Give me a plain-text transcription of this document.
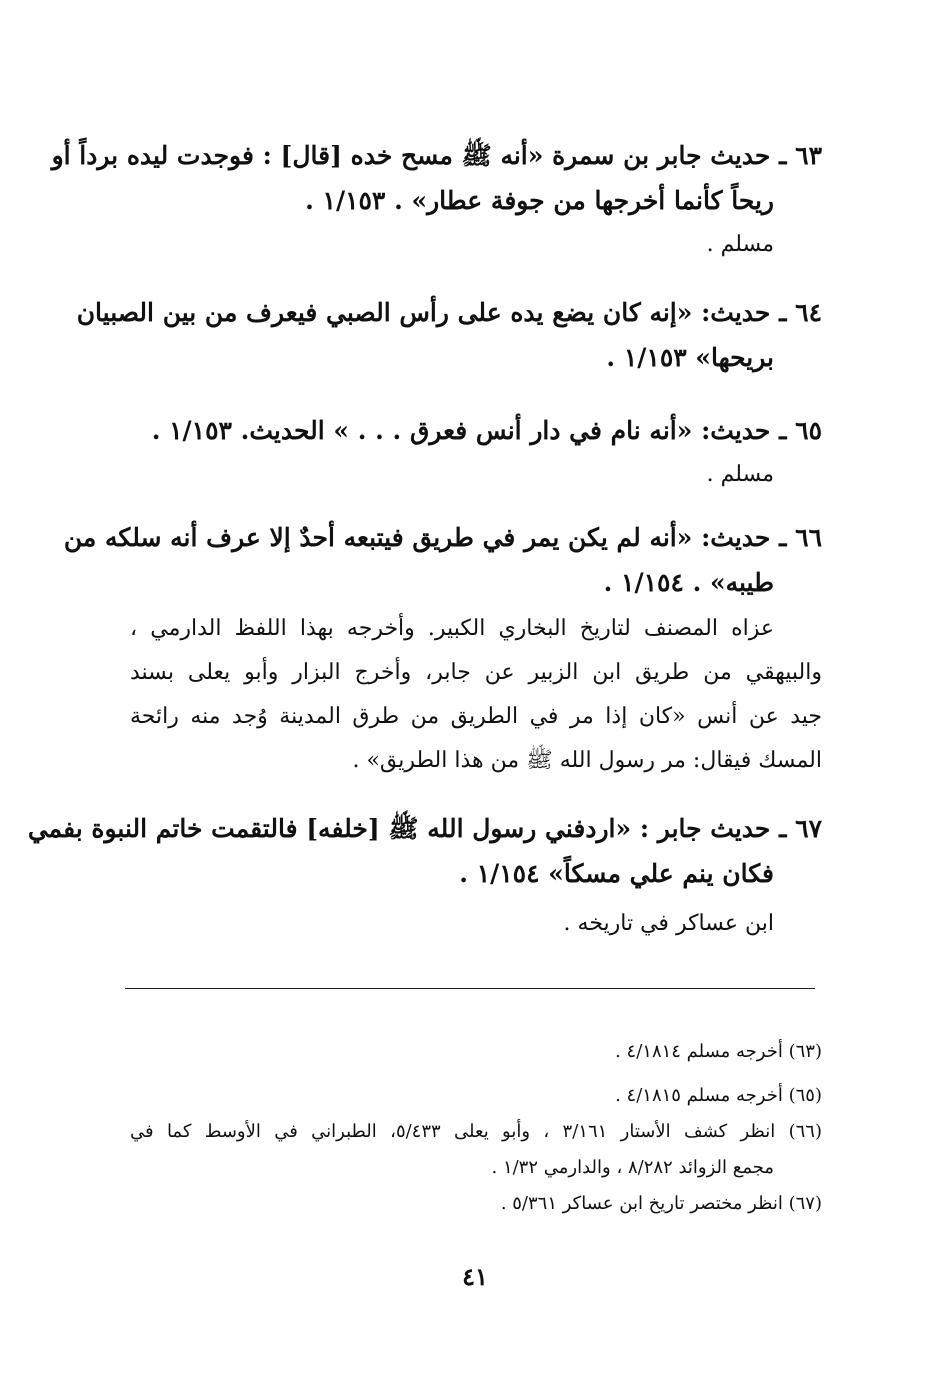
٦٣ ـ حديث جابر بن سمرة «أنه ﷺ مسح خده [قال] : فوجدت ليده برداً أو
ريحاً كأنما أخرجها من جوفة عطار» . ١/١٥٣ .
مسلم .
٦٤ ـ حديث: «إنه كان يضع يده على رأس الصبي فيعرف من بين الصبيان
بريحها» ١/١٥٣ .
٦٥ ـ حديث: «أنه نام في دار أنس فعرق . . . » الحديث. ١/١٥٣ .
مسلم .
٦٦ ـ حديث: «أنه لم يكن يمر في طريق فيتبعه أحدٌ إلا عرف أنه سلكه من
طيبه» . ١/١٥٤ .
عزاه المصنف لتاريخ البخاري الكبير. وأخرجه بهذا اللفظ الدارمي ،
والبيهقي من طريق ابن الزبير عن جابر، وأخرج البزار وأبو يعلى بسند
جيد عن أنس «كان إذا مر في الطريق من طرق المدينة وُجد منه رائحة
المسك فيقال: مر رسول الله ﷺ من هذا الطريق» .
٦٧ ـ حديث جابر : «اردفني رسول الله ﷺ [خلفه] فالتقمت خاتم النبوة بفمي
فكان ينم علي مسكاً» ١/١٥٤ .
ابن عساكر في تاريخه .
(٦٣) أخرجه مسلم ٤/١٨١٤ .
(٦٥) أخرجه مسلم ٤/١٨١٥ .
(٦٦) انظر كشف الأستار ٣/١٦١ ، وأبو يعلى ٥/٤٣٣، الطبراني في الأوسط كما في
مجمع الزوائد ٨/٢٨٢ ، والدارمي ١/٣٢ .
(٦٧) انظر مختصر تاريخ ابن عساكر ٥/٣٦١ .
٤١
